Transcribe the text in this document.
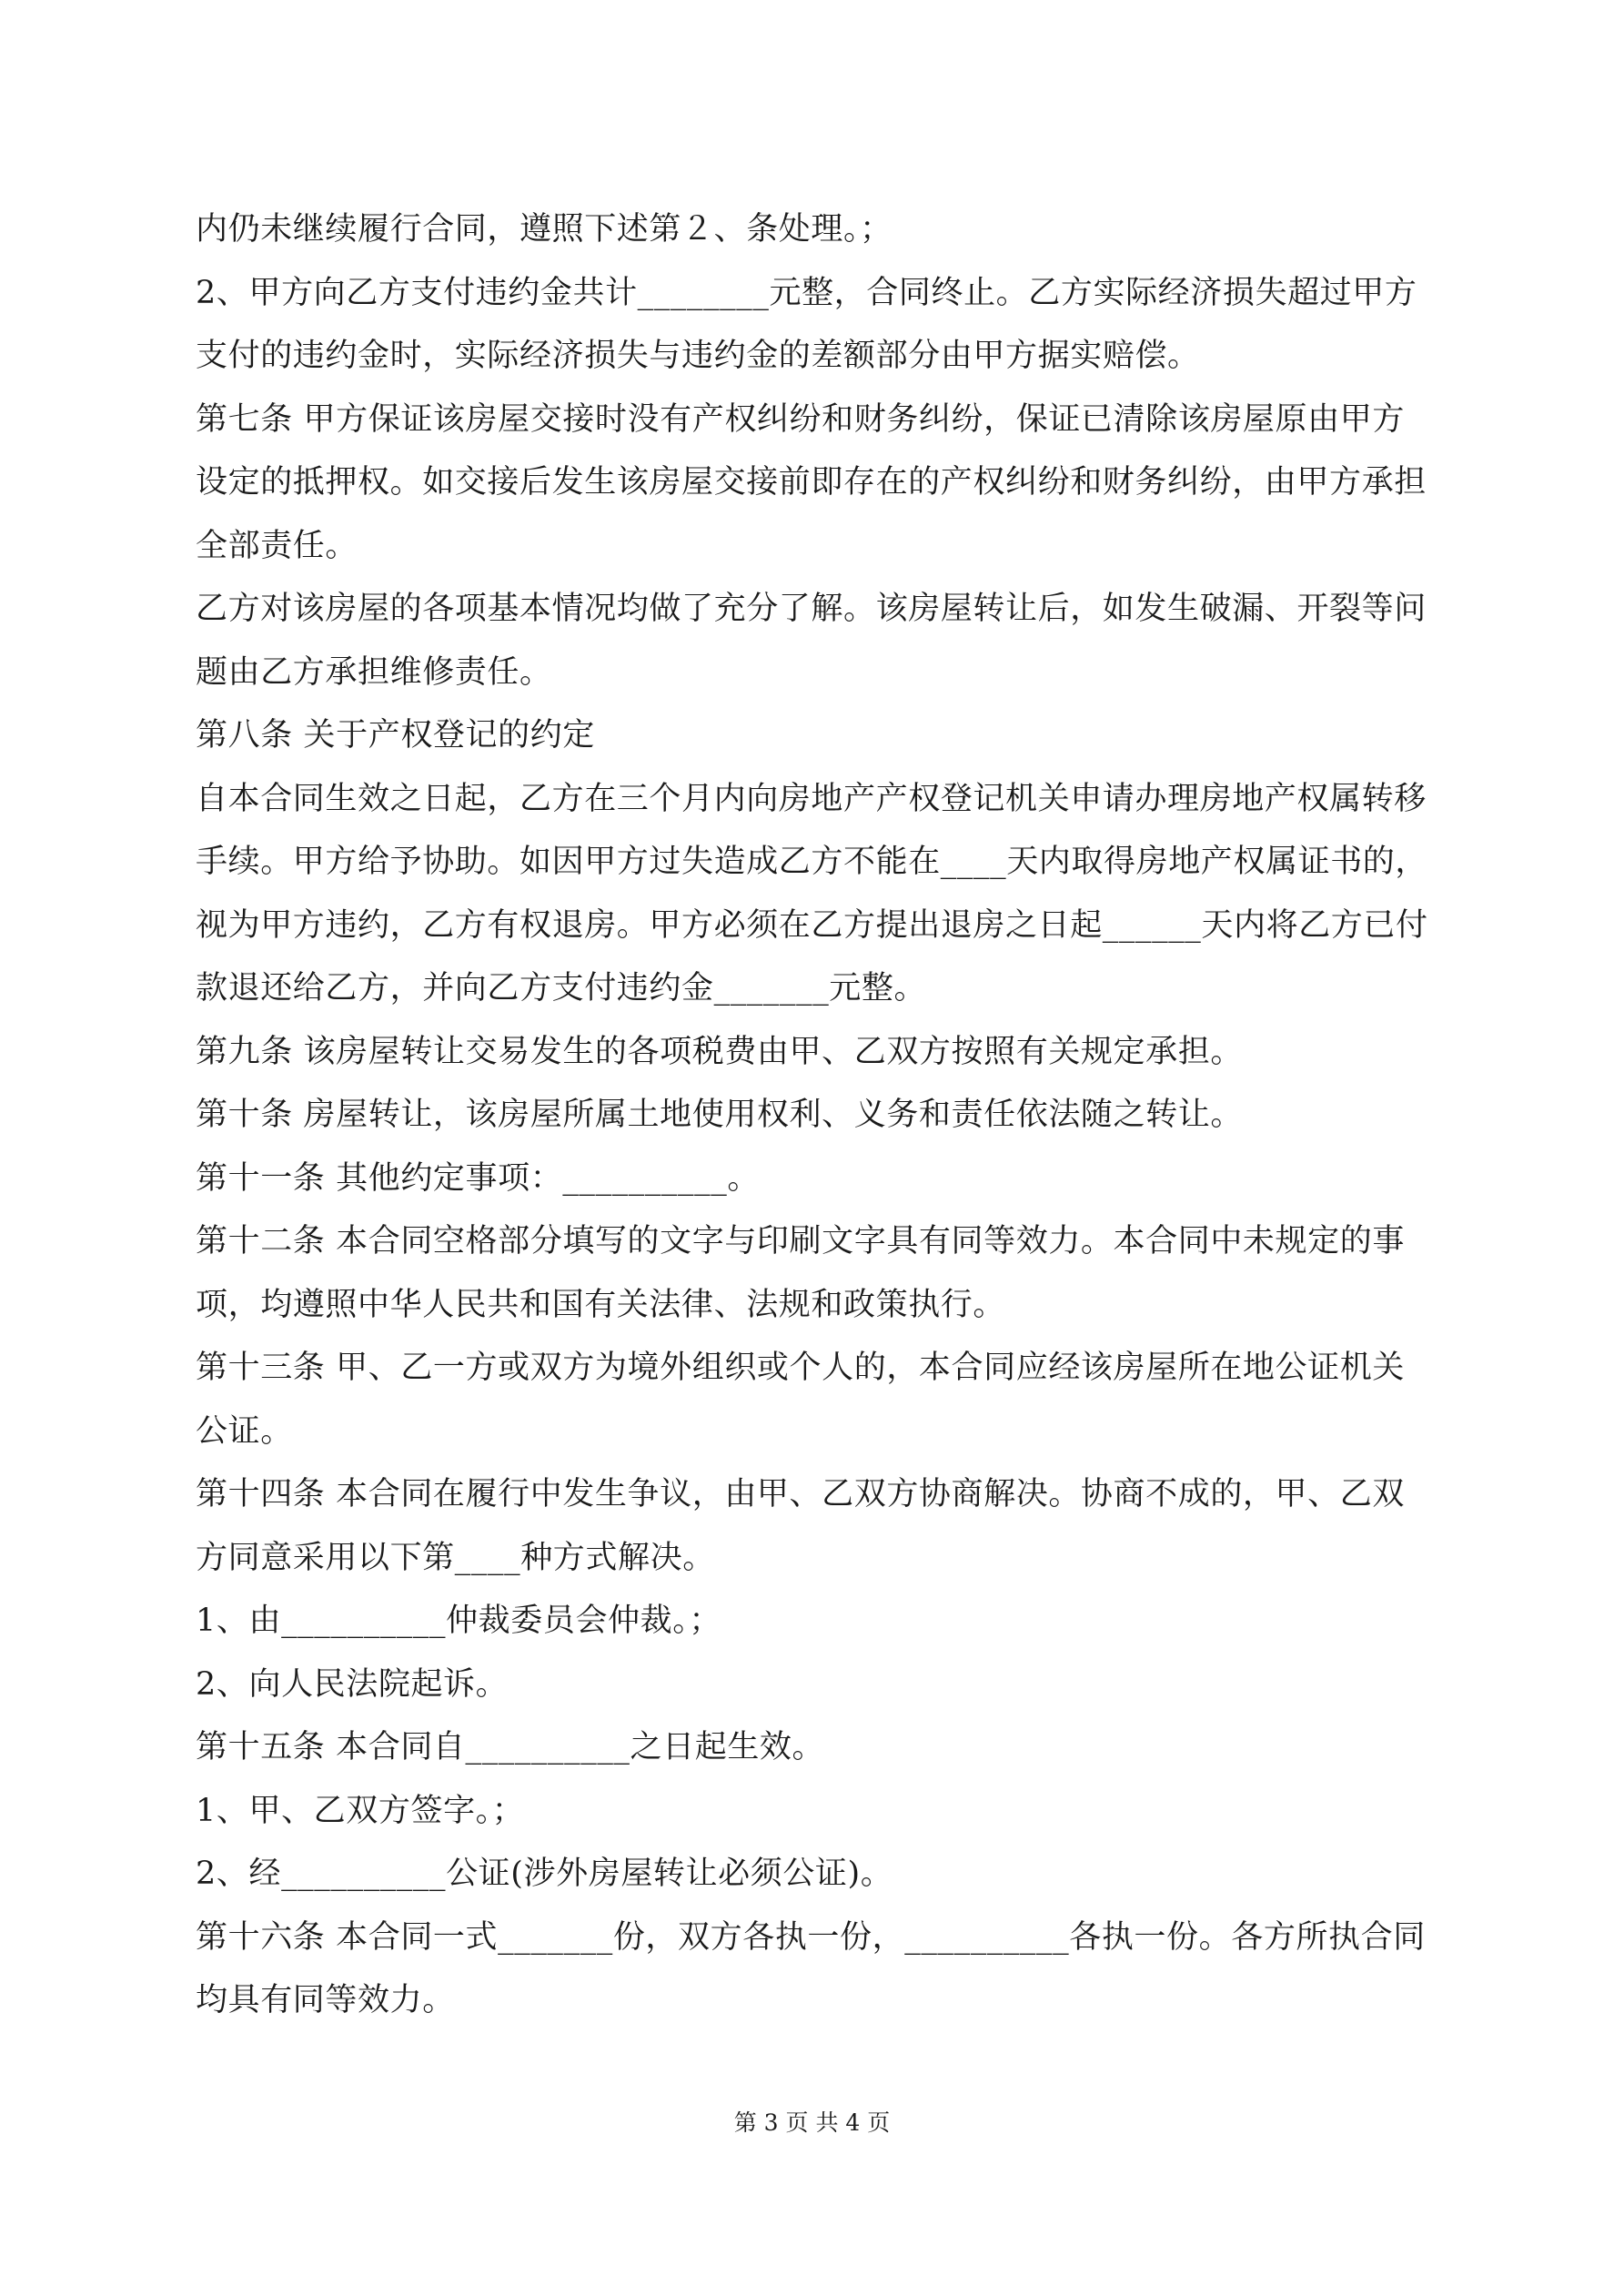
内仍未继续履行合同，遵照下述第２、条处理。；
2、甲方向乙方支付违约金共计________元整，合同终止。乙方实际经济损失超过甲方
支付的违约金时，实际经济损失与违约金的差额部分由甲方据实赔偿。
第七条 甲方保证该房屋交接时没有产权纠纷和财务纠纷，保证已清除该房屋原由甲方
设定的抵押权。如交接后发生该房屋交接前即存在的产权纠纷和财务纠纷，由甲方承担
全部责任。
乙方对该房屋的各项基本情况均做了充分了解。该房屋转让后，如发生破漏、开裂等问
题由乙方承担维修责任。
第八条 关于产权登记的约定
自本合同生效之日起，乙方在三个月内向房地产产权登记机关申请办理房地产权属转移
手续。甲方给予协助。如因甲方过失造成乙方不能在____天内取得房地产权属证书的，
视为甲方违约，乙方有权退房。甲方必须在乙方提出退房之日起______天内将乙方已付
款退还给乙方，并向乙方支付违约金_______元整。
第九条 该房屋转让交易发生的各项税费由甲、乙双方按照有关规定承担。
第十条 房屋转让，该房屋所属土地使用权利、义务和责任依法随之转让。
第十一条 其他约定事项：__________。
第十二条 本合同空格部分填写的文字与印刷文字具有同等效力。本合同中未规定的事
项，均遵照中华人民共和国有关法律、法规和政策执行。
第十三条 甲、乙一方或双方为境外组织或个人的，本合同应经该房屋所在地公证机关
公证。
第十四条 本合同在履行中发生争议，由甲、乙双方协商解决。协商不成的，甲、乙双
方同意采用以下第____种方式解决。
1、由__________仲裁委员会仲裁。；
2、向人民法院起诉。
第十五条 本合同自__________之日起生效。
1、甲、乙双方签字。；
2、经__________公证(涉外房屋转让必须公证)。
第十六条 本合同一式_______份，双方各执一份，__________各执一份。各方所执合同
均具有同等效力。
第 3 页 共 4 页
